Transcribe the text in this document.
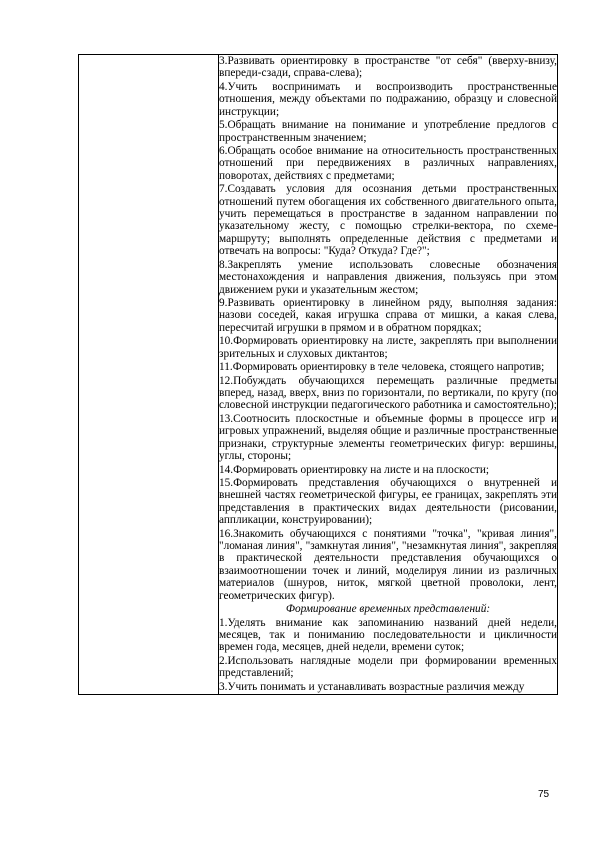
3.Развивать ориентировку в пространстве "от себя" (вверху-внизу, впереди-сзади, справа-слева);

4.Учить воспринимать и воспроизводить пространственные отношения, между объектами по подражанию, образцу и словесной инструкции;

5.Обращать внимание на понимание и употребление предлогов с пространственным значением;

6.Обращать особое внимание на относительность пространственных отношений при передвижениях в различных направлениях, поворотах, действиях с предметами;

7.Создавать условия для осознания детьми пространственных отношений путем обогащения их собственного двигательного опыта, учить перемещаться в пространстве в заданном направлении по указательному жесту, с помощью стрелки-вектора, по схеме-маршруту; выполнять определенные действия с предметами и отвечать на вопросы: "Куда? Откуда? Где?";

8.Закреплять умение использовать словесные обозначения местонахождения и направления движения, пользуясь при этом движением руки и указательным жестом;

9.Развивать ориентировку в линейном ряду, выполняя задания: назови соседей, какая игрушка справа от мишки, а какая слева, пересчитай игрушки в прямом и в обратном порядках;

10.Формировать ориентировку на листе, закреплять при выполнении зрительных и слуховых диктантов;

11.Формировать ориентировку в теле человека, стоящего напротив;

12.Побуждать обучающихся перемещать различные предметы вперед, назад, вверх, вниз по горизонтали, по вертикали, по кругу (по словесной инструкции педагогического работника и самостоятельно);

13.Соотносить плоскостные и объемные формы в процессе игр и игровых упражнений, выделяя общие и различные пространственные признаки, структурные элементы геометрических фигур: вершины, углы, стороны;

14.Формировать ориентировку на листе и на плоскости;

15.Формировать представления обучающихся о внутренней и внешней частях геометрической фигуры, ее границах, закреплять эти представления в практических видах деятельности (рисовании, аппликации, конструировании);

16.Знакомить обучающихся с понятиями "точка", "кривая линия", "ломаная линия", "замкнутая линия", "незамкнутая линия", закрепляя в практической деятельности представления обучающихся о взаимоотношении точек и линий, моделируя линии из различных материалов (шнуров, ниток, мягкой цветной проволоки, лент, геометрических фигур).

Формирование временных представлений:

1.Уделять внимание как запоминанию названий дней недели, месяцев, так и пониманию последовательности и цикличности времен года, месяцев, дней недели, времени суток;

2.Использовать наглядные модели при формировании временных представлений;

3.Учить понимать и устанавливать возрастные различия между

75
